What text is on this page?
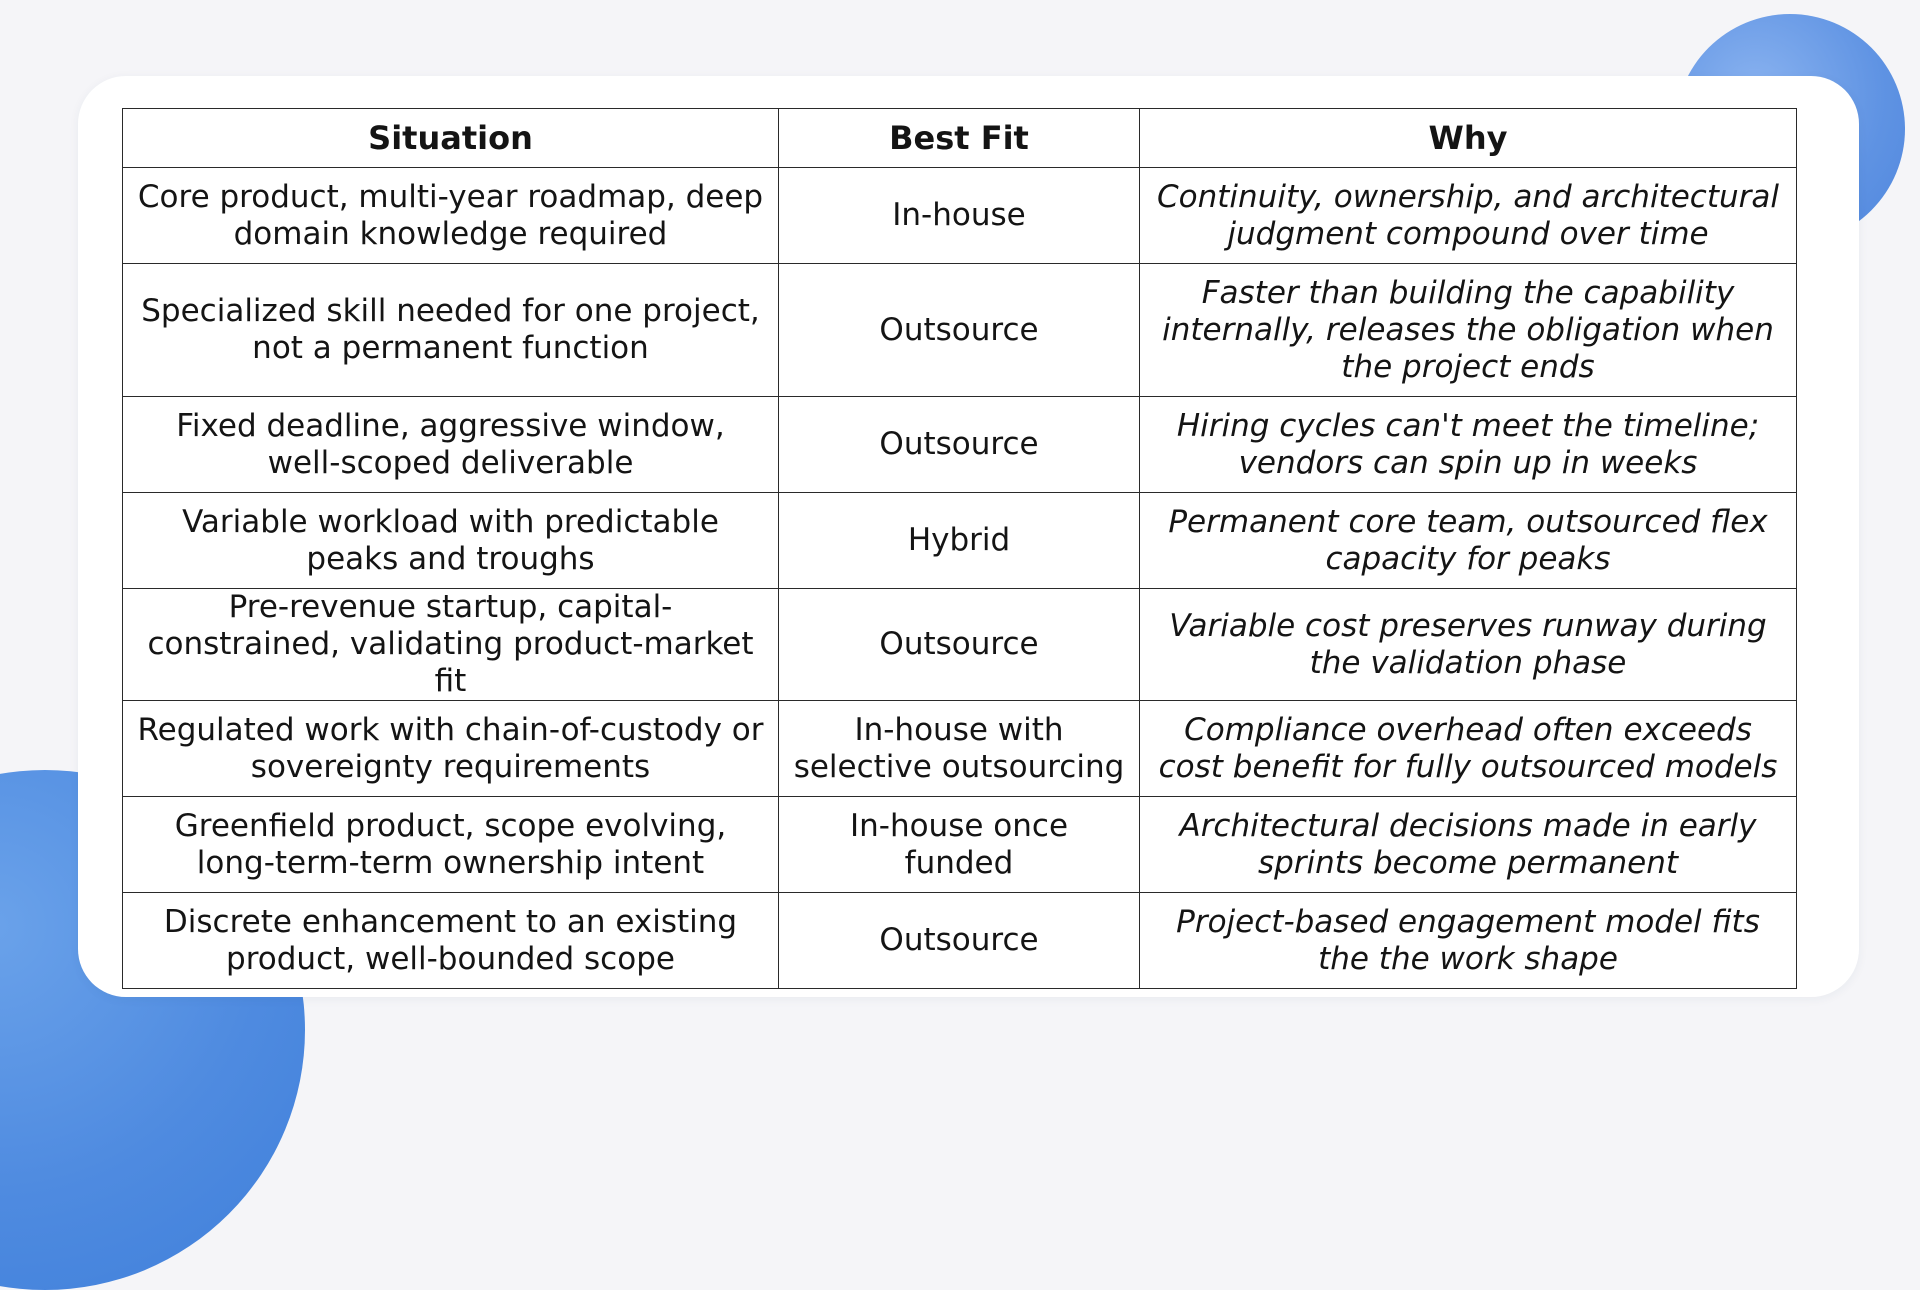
Situation	Best Fit	Why
Core product, multi-year roadmap, deep domain knowledge required	In-house	Continuity, ownership, and architectural judgment compound over time
Specialized skill needed for one project, not a permanent function	Outsource	Faster than building the capability internally, releases the obligation when the project ends
Fixed deadline, aggressive window, well-scoped deliverable	Outsource	Hiring cycles can't meet the timeline; vendors can spin up in weeks
Variable workload with predictable peaks and troughs	Hybrid	Permanent core team, outsourced flex capacity for peaks
Pre-revenue startup, capital-constrained, validating product-market fit	Outsource	Variable cost preserves runway during the validation phase
Regulated work with chain-of-custody or sovereignty requirements	In-house with selective outsourcing	Compliance overhead often exceeds cost benefit for fully outsourced models
Greenfield product, scope evolving, long-term-term ownership intent	In-house once funded	Architectural decisions made in early sprints become permanent
Discrete enhancement to an existing product, well-bounded scope	Outsource	Project-based engagement model fits the the work shape
